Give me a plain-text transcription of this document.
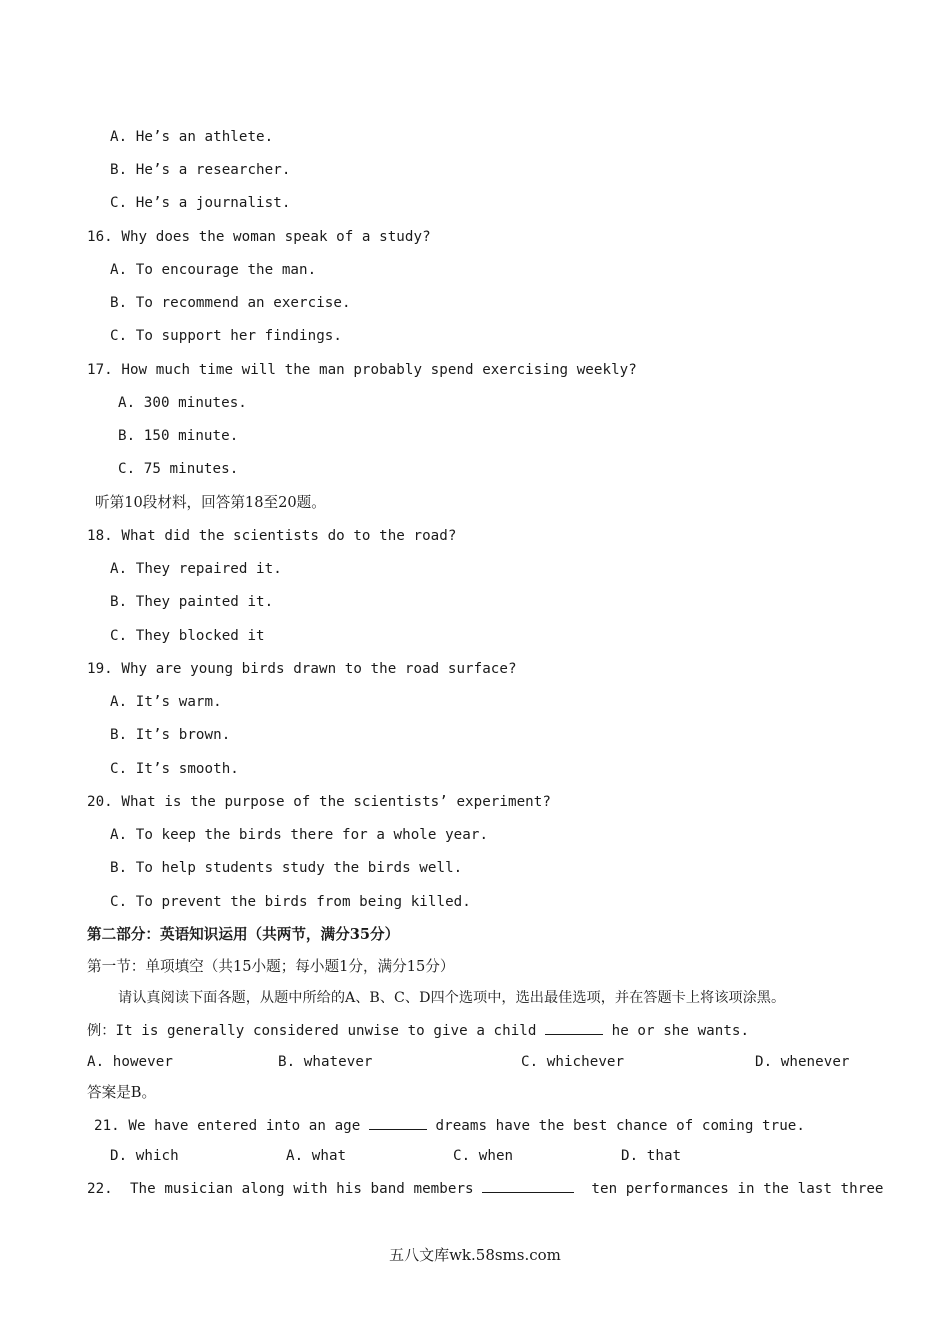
A. He’s an athlete.
B. He’s a researcher.
C. He’s a journalist.
16. Why does the woman speak of a study?
A. To encourage the man.
B. To recommend an exercise.
C. To support her findings.
17. How much time will the man probably spend exercising weekly?
A. 300 minutes.
B. 150 minute.
C. 75 minutes.
听第10段材料，回答第18至20题。
18. What did the scientists do to the road?
A. They repaired it.
B. They painted it.
C. They blocked it
19. Why are young birds drawn to the road surface?
A. It’s warm.
B. It’s brown.
C. It’s smooth.
20. What is the purpose of the scientists’ experiment?
A. To keep the birds there for a whole year.
B. To help students study the birds well.
C. To prevent the birds from being killed.
第二部分：英语知识运用（共两节，满分35分）
第一节：单项填空（共15小题；每小题1分，满分15分）
请认真阅读下面各题，从题中所给的A、B、C、D四个选项中，选出最佳选项，并在答题卡上将该项涂黑。
例：It is generally considered unwise to give a child	he or she wants.
A. however	B. whatever	C. whichever	D. whenever
答案是B。
21. We have entered into an age	dreams have the best chance of coming true.
D. which	A. what	C. when	D. that
22.  The musician along with his band members	ten performances in the last three
五八文库wk.58sms.com
